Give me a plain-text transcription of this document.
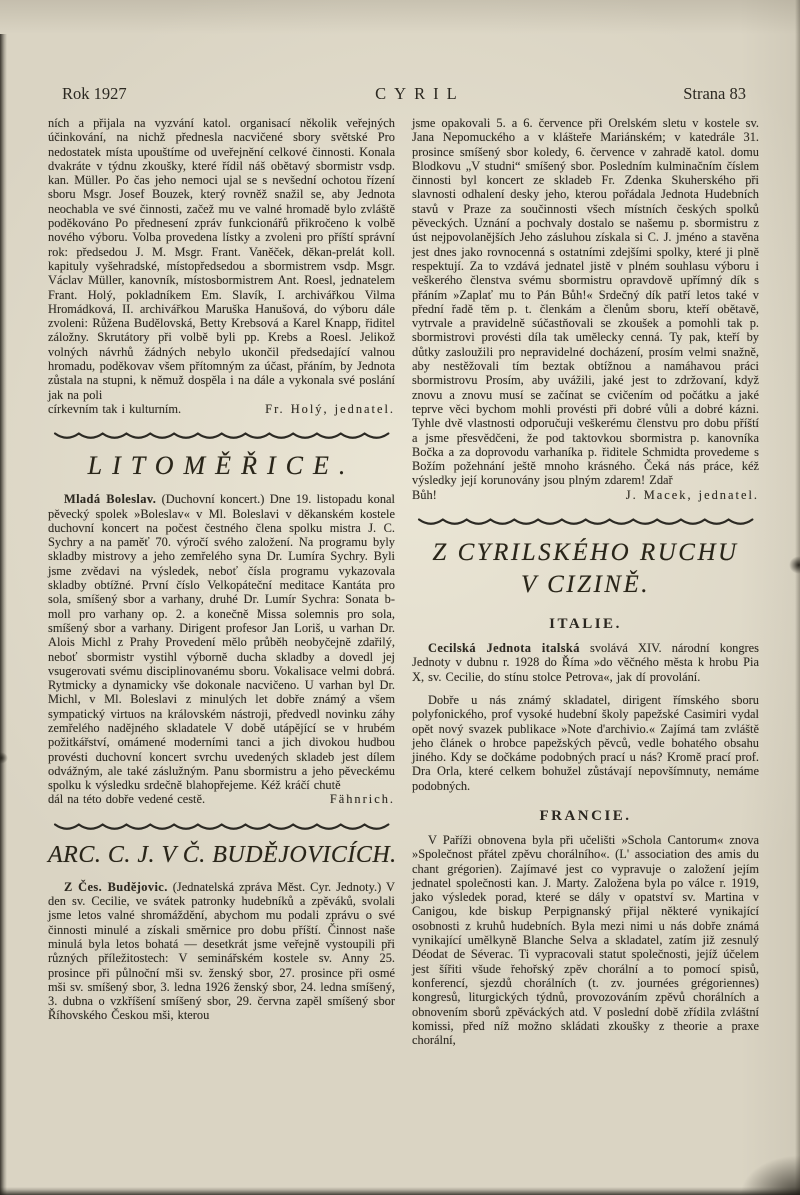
Rok 1927	CYRIL	Strana 83

ních a přijala na vyzvání katol. organisací několik veřejných účinkování, na nichž přednesla nacvičené sbory světské Pro nedostatek místa upouštíme od uveřejnění celkové činnosti. Konala dvakráte v týdnu zkoušky, které řídil náš obětavý sbormistr vsdp. kan. Müller. Po čas jeho nemoci ujal se s nevšední ochotou řízení sboru Msgr. Josef Bouzek, který rovněž snažil se, aby Jednota neochabla ve své činnosti, začež mu ve valné hromadě bylo zvláště poděkováno Po přednesení zpráv funkcionářů přikročeno k volbě nového výboru. Volba provedena lístky a zvoleni pro příští správní rok: předsedou J. M. Msgr. Frant. Vaněček, děkan-prelát koll. kapituly vyšehradské, místopředsedou a sbormistrem vsdp. Msgr. Václav Müller, kanovník, místosbormistrem Ant. Roesl, jednatelem Frant. Holý, pokladníkem Em. Slavík, I. archivářkou Vilma Hromádková, II. archivářkou Maruška Hanušová, do výboru dále zvoleni: Růžena Budělovská, Betty Krebsová a Karel Knapp, řiditel záložny. Skrutátory při volbě byli pp. Krebs a Roesl. Jelikož volných návrhů žádných nebylo ukončil předsedající valnou hromadu, poděkovav všem přítomným za účast, přáním, by Jednota zůstala na stupni, k němuž dospěla i na dále a vykonala své poslání jak na poli

církevním tak i kulturním.	Fr. Holý, jednatel.
LITOMĚŘICE.

Mladá Boleslav. (Duchovní koncert.) Dne 19. listopadu konal pěvecký spolek »Boleslav« v Ml. Boleslavi v děkanském kostele duchovní koncert na počest čestného člena spolku mistra J. C. Sychry a na paměť 70. výročí svého založení. Na programu byly skladby mistrovy a jeho zemřelého syna Dr. Lumíra Sychry. Byli jsme zvědavi na výsledek, neboť čísla programu vykazovala skladby obtížné. První číslo Velkopáteční meditace Kantáta pro sola, smíšený sbor a varhany, druhé Dr. Lumír Sychra: Sonata b-moll pro varhany op. 2. a konečně Missa solemnis pro sola, smíšený sbor a varhany. Dirigent profesor Jan Loriš, u varhan Dr. Alois Michl z Prahy Provedení mělo průběh neobyčejně zdařilý, neboť sbormistr vystihl výborně ducha skladby a dovedl jej vsugerovati svému disciplinovanému sboru. Vokalisace velmi dobrá. Rytmicky a dynamicky vše dokonale nacvičeno. U varhan byl Dr. Michl, v Ml. Boleslavi z minulých let dobře známý a všem sympatický virtuos na královském nástroji, předvedl novinku záhy zemřelého nadějného skladatele V době utápějící se v hrubém požitkářství, omámené moderními tanci a jich divokou hudbou provésti duchovní koncert svrchu uvedených skladeb jest dílem odvážným, ale také záslužným. Panu sbormistru a jeho pěveckému spolku k výsledku srdečně blahopřejeme. Kéž kráčí chutě

dál na této dobře vedené cestě.	Fähnrich.
ARC. C. J. V Č. BUDĚJOVICÍCH.

Z Čes. Budějovic. (Jednatelská zpráva Měst. Cyr. Jednoty.) V den sv. Cecilie, ve svátek patronky hudebníků a zpěváků, svolali jsme letos valné shromáždění, abychom mu podali zprávu o své činnosti minulé a získali směrnice pro dobu příští. Činnost naše minulá byla letos bohatá — desetkrát jsme veřejně vystoupili při různých příležitostech: V seminářském kostele sv. Anny 25. prosince při půlnoční mši sv. ženský sbor, 27. prosince při osmé mši sv. smíšený sbor, 3. ledna 1926 ženský sbor, 24. ledna smíšený, 3. dubna o vzkříšení smíšený sbor, 29. června zapěl smíšený sbor Říhovského Českou mši, kterou

jsme opakovali 5. a 6. července při Orelském sletu v kostele sv. Jana Nepomuckého a v klášteře Mariánském; v katedrále 31. prosince smíšený sbor koledy, 6. července v zahradě katol. domu Blodkovu „V studni“ smíšený sbor. Posledním kulminačním číslem činnosti byl koncert ze skladeb Fr. Zdenka Skuherského při slavnosti odhalení desky jeho, kterou pořádala Jednota Hudebních stavů v Praze za součinnosti všech místních českých spolků pěveckých. Uznání a pochvaly dostalo se našemu p. sbormistru z úst nejpovolanějších Jeho zásluhou získala si C. J. jméno a stavěna jest dnes jako rovnocenná s ostatními zdejšími spolky, které ji plně respektují. Za to vzdává jednatel jistě v plném souhlasu výboru i veškerého členstva svému sbormistru opravdově upřímný dík s přáním »Zaplať mu to Pán Bůh!« Srdečný dík patří letos také v přední řadě těm p. t. členkám a členům sboru, kteří obětavě, vytrvale a pravidelně súčastňovali se zkoušek a pomohli tak p. sbormistrovi provésti díla tak umělecky cenná. Ty pak, kteří by důtky zasloužili pro nepravidelné docházení, prosím velmi snažně, aby nestěžovali tím beztak obtížnou a namáhavou práci sbormistrovu Prosím, aby uvážili, jaké jest to zdržovaní, když znovu a znovu musí se začínat se cvičením od počátku a jaké teprve věci bychom mohli provésti při dobré vůli a dobré kázni. Tyhle dvě vlastnosti odporučuji veškerému členstvu pro dobu příští a jsme přesvědčeni, že pod taktovkou sbormistra p. kanovníka Bočka a za doprovodu varhaníka p. řiditele Schmidta provedeme s Božím požehnání ještě mnoho krásného. Čeká nás práce, kéž výsledky její korunovány jsou plným zdarem! Zdař

Bůh!	J. Macek, jednatel.
Z CYRILSKÉHO RUCHU
V CIZINĚ.
ITALIE.

Cecilská Jednota italská svolává XIV. národní kongres Jednoty v dubnu r. 1928 do Říma »do věčného města k hrobu Pia X, sv. Cecilie, do stínu stolce Petrova«, jak dí provolání.

Dobře u nás známý skladatel, dirigent římského sboru polyfonického, prof vysoké hudební školy papežské Casimiri vydal opět nový svazek publikace »Note d'archivio.« Zajímá tam zvláště jeho článek o hrobce papežských pěvců, vedle bohatého obsahu jiného. Kdy se dočkáme podobných prací u nás? Kromě prací prof. Dra Orla, které celkem bohužel zůstávají nepovšímnuty, nemáme podobných.

FRANCIE.

V Paříži obnovena byla při učelišti »Schola Cantorum« znova »Společnost přátel zpěvu chorálního«. (L' association des amis du chant grégorien). Zajímavé jest co vypravuje o založení jejím jednatel společnosti kan. J. Marty. Založena byla po válce r. 1919, jako výsledek porad, které se dály v opatství sv. Martina v Canigou, kde biskup Perpignanský přijal některé vynikající osobnosti z kruhů hudebních. Byla mezi nimi u nás dobře známá vynikající umělkyně Blanche Selva a skladatel, zatím již zesnulý Déodat de Séverac. Ti vypracovali statut společnosti, jejíž účelem jest šířiti všude řehořský zpěv chorální a to pomocí spisů, konferencí, sjezdů chorálních (t. zv. journées grégoriennes) kongresů, liturgických týdnů, provozováním zpěvů chorálních a obnovením sborů zpěváckých atd. V poslední době zřídila zvláštní komissi, před níž možno skládati zkoušky z theorie a praxe chorální,
